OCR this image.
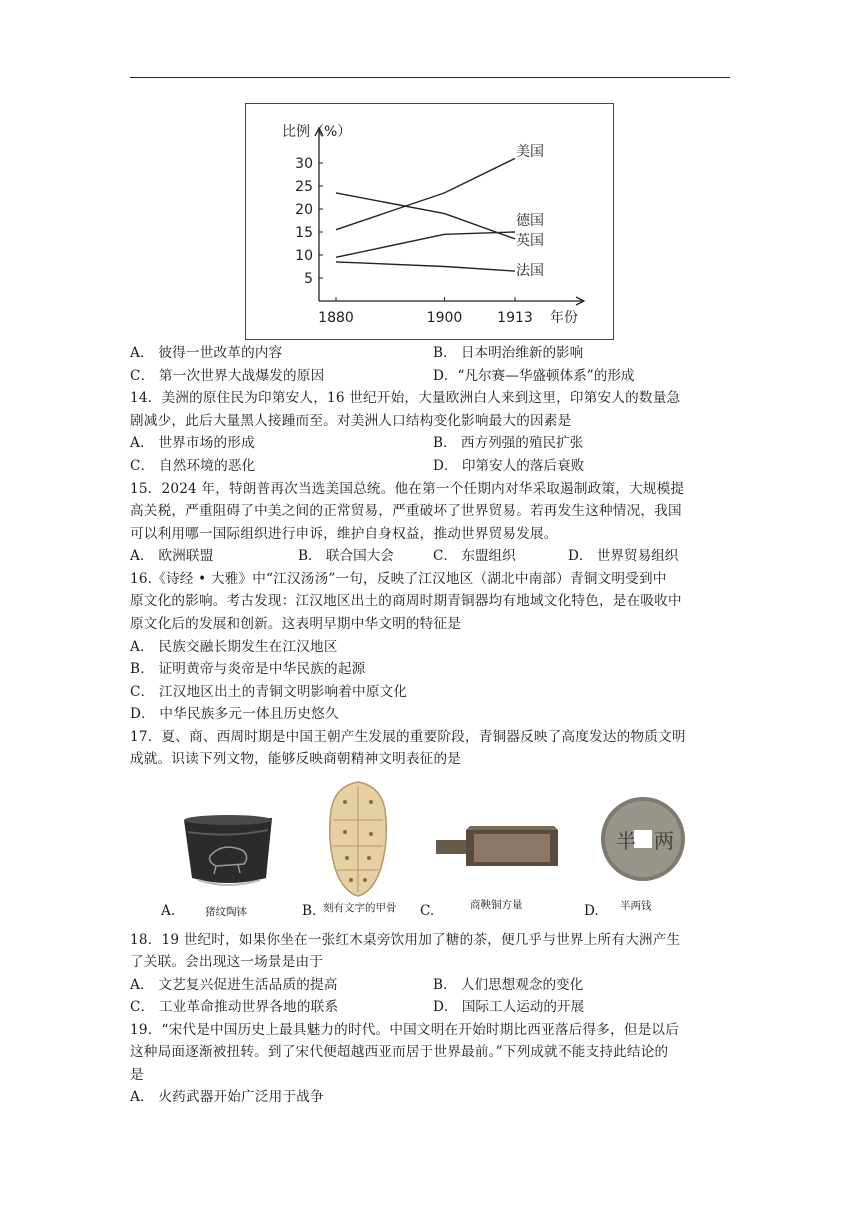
比例（%）
5
10
15
20
25
30
1880	1900 1913 年份
美国
德国
英国
法国
A． 彼得一世改革的内容	B． 日本明治维新的影响
C． 第一次世界大战爆发的原因	D．“凡尔赛—华盛顿体系”的形成
14．美洲的原住民为印第安人，16 世纪开始，大量欧洲白人来到这里，印第安人的数量急
剧减少，此后大量黑人接踵而至。对美洲人口结构变化影响最大的因素是
A． 世界市场的形成	B． 西方列强的殖民扩张
C． 自然环境的恶化	D． 印第安人的落后衰败
15．2024 年，特朗普再次当选美国总统。他在第一个任期内对华采取遏制政策，大规模提
高关税，严重阻碍了中美之间的正常贸易，严重破坏了世界贸易。若再发生这种情况，我国
可以利用哪一国际组织进行申诉，维护自身权益，推动世界贸易发展。
A． 欧洲联盟	B． 联合国大会	C． 东盟组织	D． 世界贸易组织
16.《诗经 • 大雅》中“江汉汤汤”一句，反映了江汉地区（湖北中南部）青铜文明受到中
原文化的影响。考古发现：江汉地区出土的商周时期青铜器均有地域文化特色，是在吸收中
原文化后的发展和创新。这表明早期中华文明的特征是
A． 民族交融长期发生在江汉地区
B． 证明黄帝与炎帝是中华民族的起源
C． 江汉地区出土的青铜文明影响着中原文化
D． 中华民族多元一体且历史悠久
17．夏、商、西周时期是中国王朝产生发展的重要阶段，青铜器反映了高度发达的物质文明
成就。识读下列文物，能够反映商朝精神文明表征的是
A.	猪纹陶钵	B. 刻有文字的甲骨 C.	商鞅铜方量
半 两
D. 半两钱
18．19 世纪时，如果你坐在一张红木桌旁饮用加了糖的茶，便几乎与世界上所有大洲产生
了关联。会出现这一场景是由于
A． 文艺复兴促进生活品质的提高	B． 人们思想观念的变化
C． 工业革命推动世界各地的联系	D． 国际工人运动的开展
19．“宋代是中国历史上最具魅力的时代。中国文明在开始时期比西亚落后得多，但是以后
这种局面逐渐被扭转。到了宋代便超越西亚而居于世界最前。”下列成就不能支持此结论的
是
A． 火药武器开始广泛用于战争
